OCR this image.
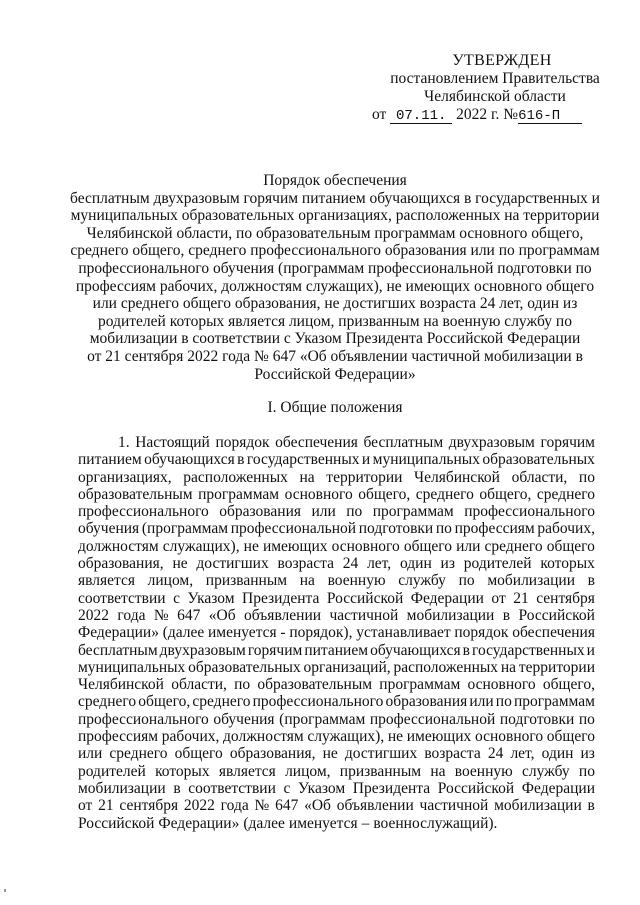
УТВЕРЖДЕН
постановлением Правительства
Челябинской области
от 07.11. 2022 г. №616-П
Порядок обеспечения
бесплатным двухразовым горячим питанием обучающихся в государственных и
муниципальных образовательных организациях, расположенных на территории
Челябинской области, по образовательным программам основного общего,
среднего общего, среднего профессионального образования или по программам
профессионального обучения (программам профессиональной подготовки по
профессиям рабочих, должностям служащих), не имеющих основного общего
или среднего общего образования, не достигших возраста 24 лет, один из
родителей которых является лицом, призванным на военную службу по
мобилизации в соответствии с Указом Президента Российской Федерации
от 21 сентября 2022 года № 647 «Об объявлении частичной мобилизации в
Российской Федерации»
I. Общие положения
1. Настоящий порядок обеспечения бесплатным двухразовым горячим
питанием обучающихся в государственных и муниципальных образовательных
организациях, расположенных на территории Челябинской области, по
образовательным программам основного общего, среднего общего, среднего
профессионального образования или по программам профессионального
обучения (программам профессиональной подготовки по профессиям рабочих,
должностям служащих), не имеющих основного общего или среднего общего
образования, не достигших возраста 24 лет, один из родителей которых
является лицом, призванным на военную службу по мобилизации в
соответствии с Указом Президента Российской Федерации от 21 сентября
2022 года № 647 «Об объявлении частичной мобилизации в Российской
Федерации» (далее именуется - порядок), устанавливает порядок обеспечения
бесплатным двухразовым горячим питанием обучающихся в государственных и
муниципальных образовательных организаций, расположенных на территории
Челябинской области, по образовательным программам основного общего,
среднего общего, среднего профессионального образования или по программам
профессионального обучения (программам профессиональной подготовки по
профессиям рабочих, должностям служащих), не имеющих основного общего
или среднего общего образования, не достигших возраста 24 лет, один из
родителей которых является лицом, призванным на военную службу по
мобилизации в соответствии с Указом Президента Российской Федерации
от 21 сентября 2022 года № 647 «Об объявлении частичной мобилизации в
Российской Федерации» (далее именуется – военнослужащий).
